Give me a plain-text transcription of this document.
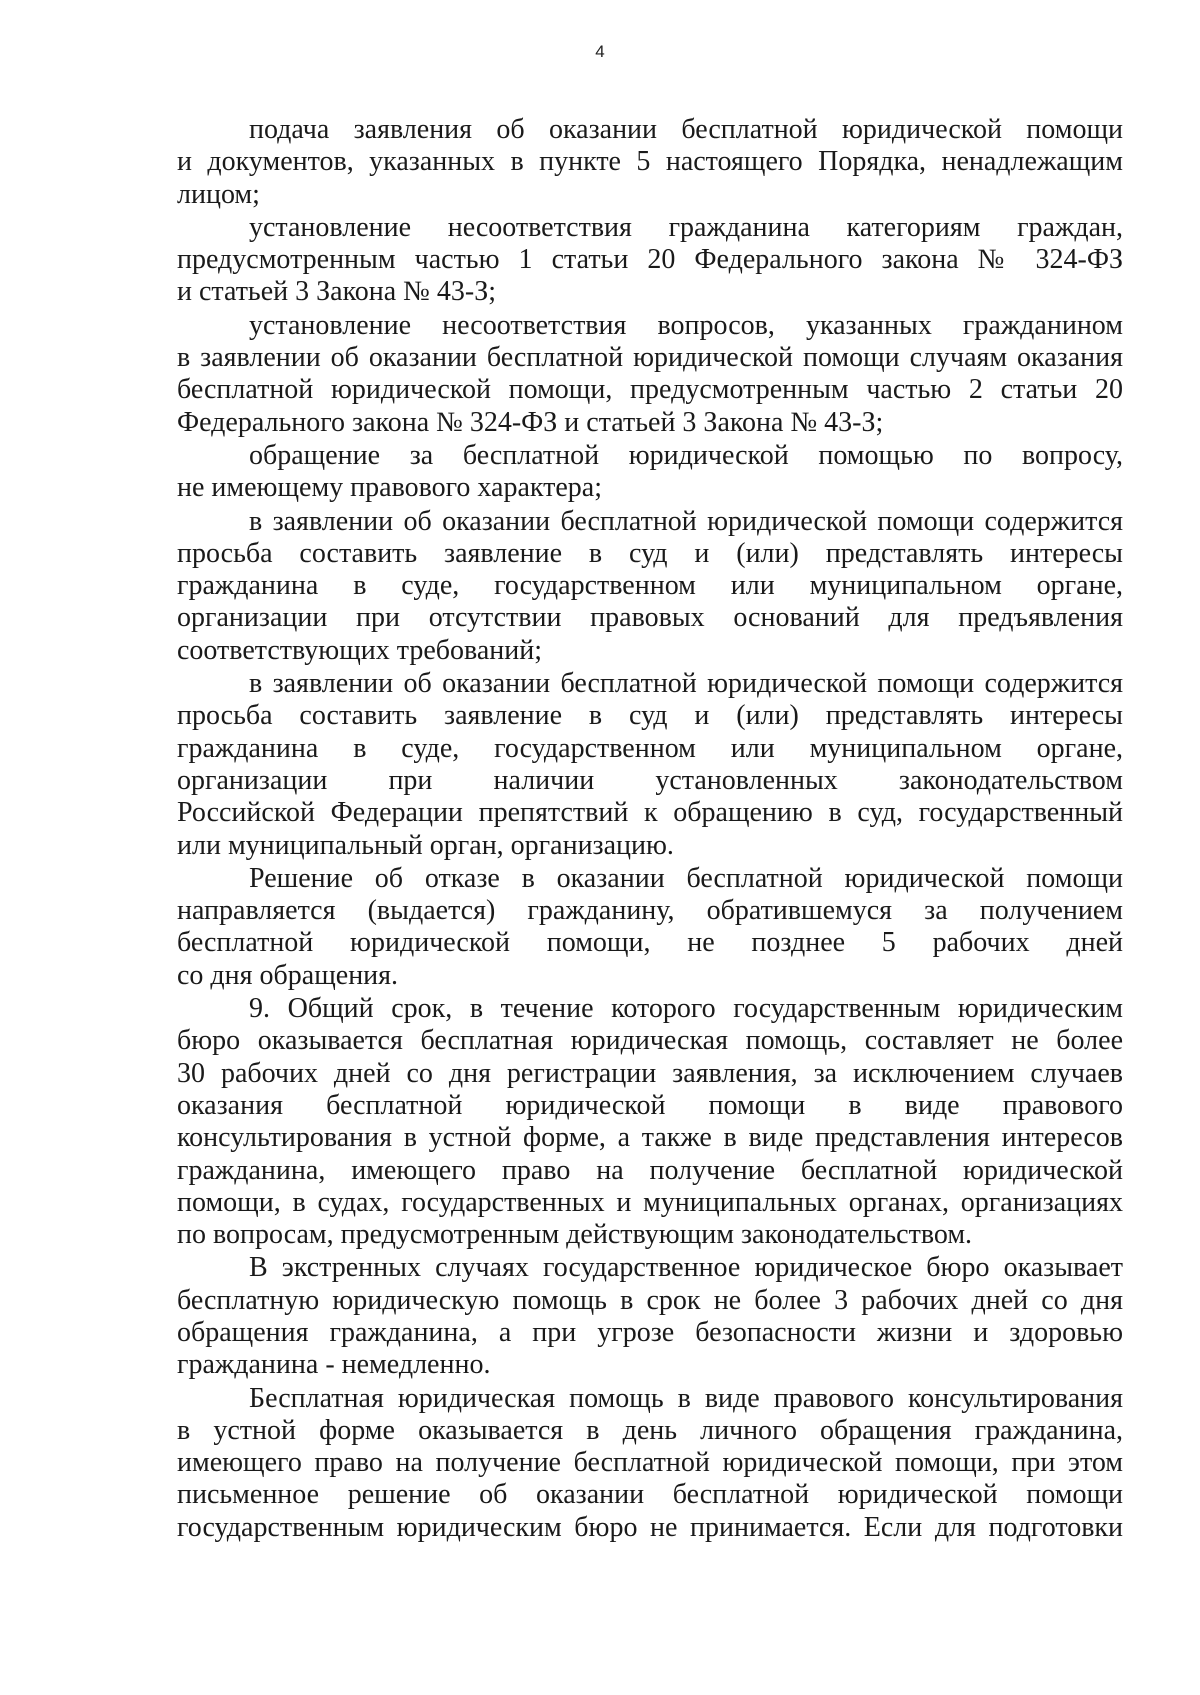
4
подача заявления об оказании бесплатной юридической помощи
и документов, указанных в пункте 5 настоящего Порядка, ненадлежащим
лицом;
установление несоответствия гражданина категориям граждан,
предусмотренным частью 1 статьи 20 Федерального закона № 324-ФЗ
и статьей 3 Закона № 43-З;
установление несоответствия вопросов, указанных гражданином
в заявлении об оказании бесплатной юридической помощи случаям оказания
бесплатной юридической помощи, предусмотренным частью 2 статьи 20
Федерального закона № 324-ФЗ и статьей 3 Закона № 43-З;
обращение за бесплатной юридической помощью по вопросу,
не имеющему правового характера;
в заявлении об оказании бесплатной юридической помощи содержится
просьба составить заявление в суд и (или) представлять интересы
гражданина в суде, государственном или муниципальном органе,
организации при отсутствии правовых оснований для предъявления
соответствующих требований;
в заявлении об оказании бесплатной юридической помощи содержится
просьба составить заявление в суд и (или) представлять интересы
гражданина в суде, государственном или муниципальном органе,
организации при наличии установленных законодательством
Российской Федерации препятствий к обращению в суд, государственный
или муниципальный орган, организацию.
Решение об отказе в оказании бесплатной юридической помощи
направляется (выдается) гражданину, обратившемуся за получением
бесплатной юридической помощи, не позднее 5 рабочих дней
со дня обращения.
9. Общий срок, в течение которого государственным юридическим
бюро оказывается бесплатная юридическая помощь, составляет не более
30 рабочих дней со дня регистрации заявления, за исключением случаев
оказания бесплатной юридической помощи в виде правового
консультирования в устной форме, а также в виде представления интересов
гражданина, имеющего право на получение бесплатной юридической
помощи, в судах, государственных и муниципальных органах, организациях
по вопросам, предусмотренным действующим законодательством.
В экстренных случаях государственное юридическое бюро оказывает
бесплатную юридическую помощь в срок не более 3 рабочих дней со дня
обращения гражданина, а при угрозе безопасности жизни и здоровью
гражданина - немедленно.
Бесплатная юридическая помощь в виде правового консультирования
в устной форме оказывается в день личного обращения гражданина,
имеющего право на получение бесплатной юридической помощи, при этом
письменное решение об оказании бесплатной юридической помощи
государственным юридическим бюро не принимается. Если для подготовки
